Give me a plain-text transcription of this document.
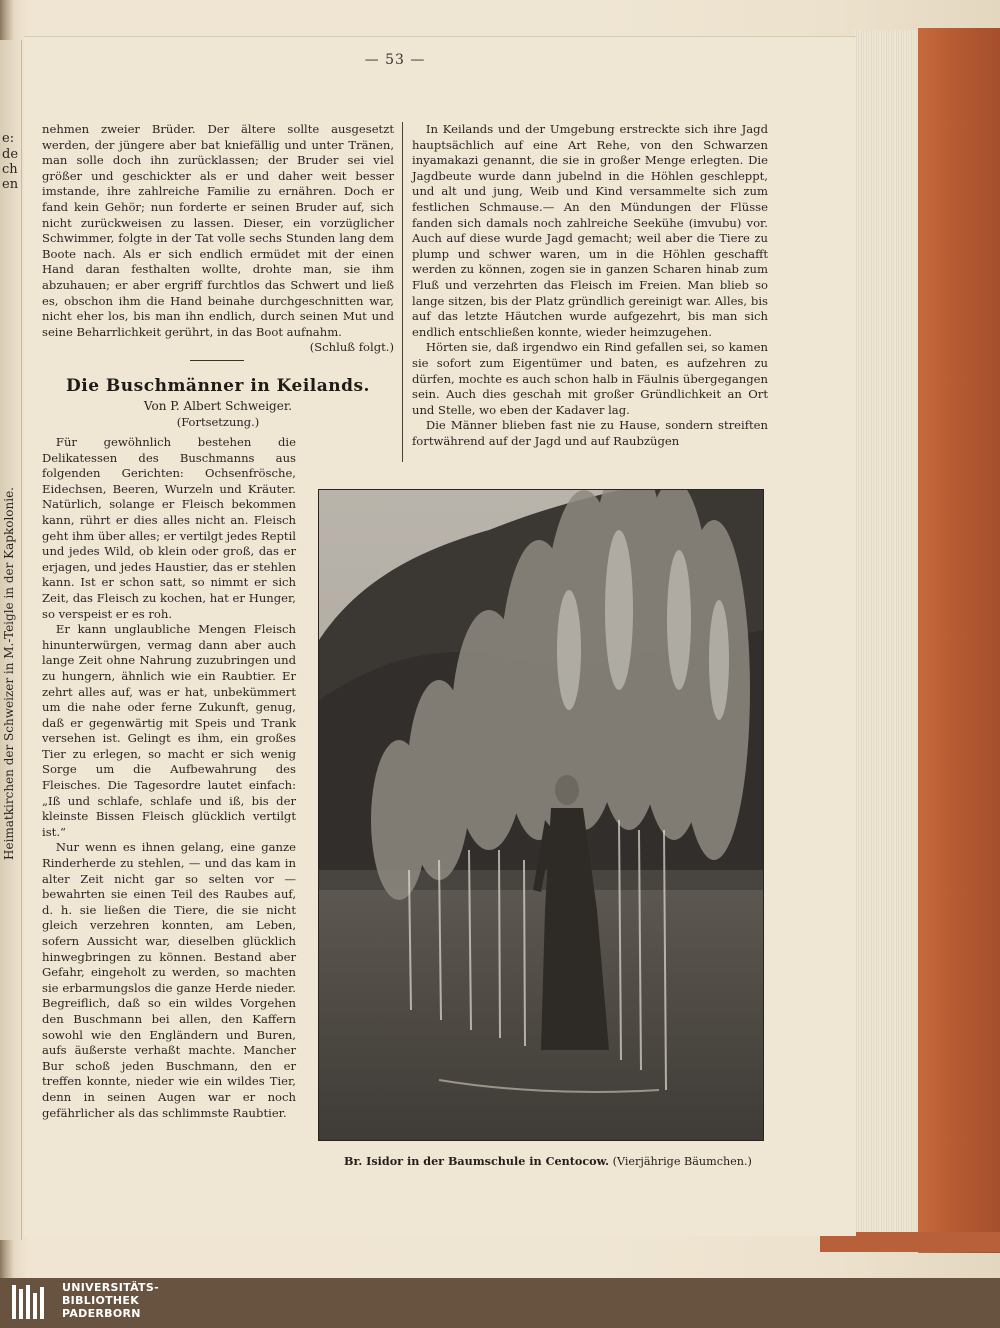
e:
de
ch
en
Heimatkirchen der Schweizer in M.-Teigle in der Kapkolonie.
— 53 —

nehmen zweier Brüder. Der ältere sollte ausgesetzt werden, der jüngere aber bat kniefällig und unter Tränen, man solle doch ihn zurücklassen; der Bruder sei viel größer und geschickter als er und daher weit besser imstande, ihre zahlreiche Familie zu ernähren. Doch er fand kein Gehör; nun forderte er seinen Bruder auf, sich nicht zurückweisen zu lassen. Dieser, ein vorzüglicher Schwimmer, folgte in der Tat volle sechs Stunden lang dem Boote nach. Als er sich endlich ermüdet mit der einen Hand daran festhalten wollte, drohte man, sie ihm abzuhauen; er aber ergriff furchtlos das Schwert und ließ es, obschon ihm die Hand beinahe durchgeschnitten war, nicht eher los, bis man ihn endlich, durch seinen Mut und seine Beharrlichkeit gerührt, in das Boot aufnahm.
(Schluß folgt.)

In Keilands und der Umgebung erstreckte sich ihre Jagd hauptsächlich auf eine Art Rehe, von den Schwarzen inyamakazi genannt, die sie in großer Menge erlegten. Die Jagdbeute wurde dann jubelnd in die Höhlen geschleppt, und alt und jung, Weib und Kind versammelte sich zum festlichen Schmause.— An den Mündungen der Flüsse fanden sich damals noch zahlreiche Seekühe (imvubu) vor. Auch auf diese wurde Jagd gemacht; weil aber die Tiere zu plump und schwer waren, um in die Höhlen geschafft werden zu können, zogen sie in ganzen Scharen hinab zum Fluß und verzehrten das Fleisch im Freien. Man blieb so lange sitzen, bis der Platz gründlich gereinigt war. Alles, bis auf das letzte Häutchen wurde aufgezehrt, bis man sich endlich entschließen konnte, wieder heimzugehen.

Hörten sie, daß irgendwo ein Rind gefallen sei, so kamen sie sofort zum Eigentümer und baten, es aufzehren zu dürfen, mochte es auch schon halb in Fäulnis übergegangen sein. Auch dies geschah mit großer Gründlichkeit an Ort und Stelle, wo eben der Kadaver lag.

Die Männer blieben fast nie zu Hause, sondern streiften fortwährend auf der Jagd und auf Raubzügen

Die Buschmänner in Keilands.
Von P. Albert Schweiger.
(Fortsetzung.)

Für gewöhnlich bestehen die Delikatessen des Buschmanns aus folgenden Gerichten: Ochsenfrösche, Eidechsen, Beeren, Wurzeln und Kräuter. Natürlich, solange er Fleisch bekommen kann, rührt er dies alles nicht an. Fleisch geht ihm über alles; er vertilgt jedes Reptil und jedes Wild, ob klein oder groß, das er erjagen, und jedes Haustier, das er stehlen kann. Ist er schon satt, so nimmt er sich Zeit, das Fleisch zu kochen, hat er Hunger, so verspeist er es roh.

Er kann unglaubliche Mengen Fleisch hinunterwürgen, vermag dann aber auch lange Zeit ohne Nahrung zuzubringen und zu hungern, ähnlich wie ein Raubtier. Er zehrt alles auf, was er hat, unbekümmert um die nahe oder ferne Zukunft, genug, daß er gegenwärtig mit Speis und Trank versehen ist. Gelingt es ihm, ein großes Tier zu erlegen, so macht er sich wenig Sorge um die Aufbewahrung des Fleisches. Die Tagesordre lautet einfach: „Iß und schlafe, schlafe und iß, bis der kleinste Bissen Fleisch glücklich vertilgt ist.“

Nur wenn es ihnen gelang, eine ganze Rinderherde zu stehlen, — und das kam in alter Zeit nicht gar so selten vor — bewahrten sie einen Teil des Raubes auf, d. h. sie ließen die Tiere, die sie nicht gleich verzehren konnten, am Leben, sofern Aussicht war, dieselben glücklich hinwegbringen zu können. Bestand aber Gefahr, eingeholt zu werden, so machten sie erbarmungslos die ganze Herde nieder. Begreiflich, daß so ein wildes Vorgehen den Buschmann bei allen, den Kaffern sowohl wie den Engländern und Buren, aufs äußerste verhaßt machte. Mancher Bur schoß jeden Buschmann, den er treffen konnte, nieder wie ein wildes Tier, denn in seinen Augen war er noch gefährlicher als das schlimmste Raubtier.

Br. Isidor in der Baumschule in Centocow. (Vierjährige Bäumchen.)
UNIVERSITÄTS-
BIBLIOTHEK
PADERBORN
